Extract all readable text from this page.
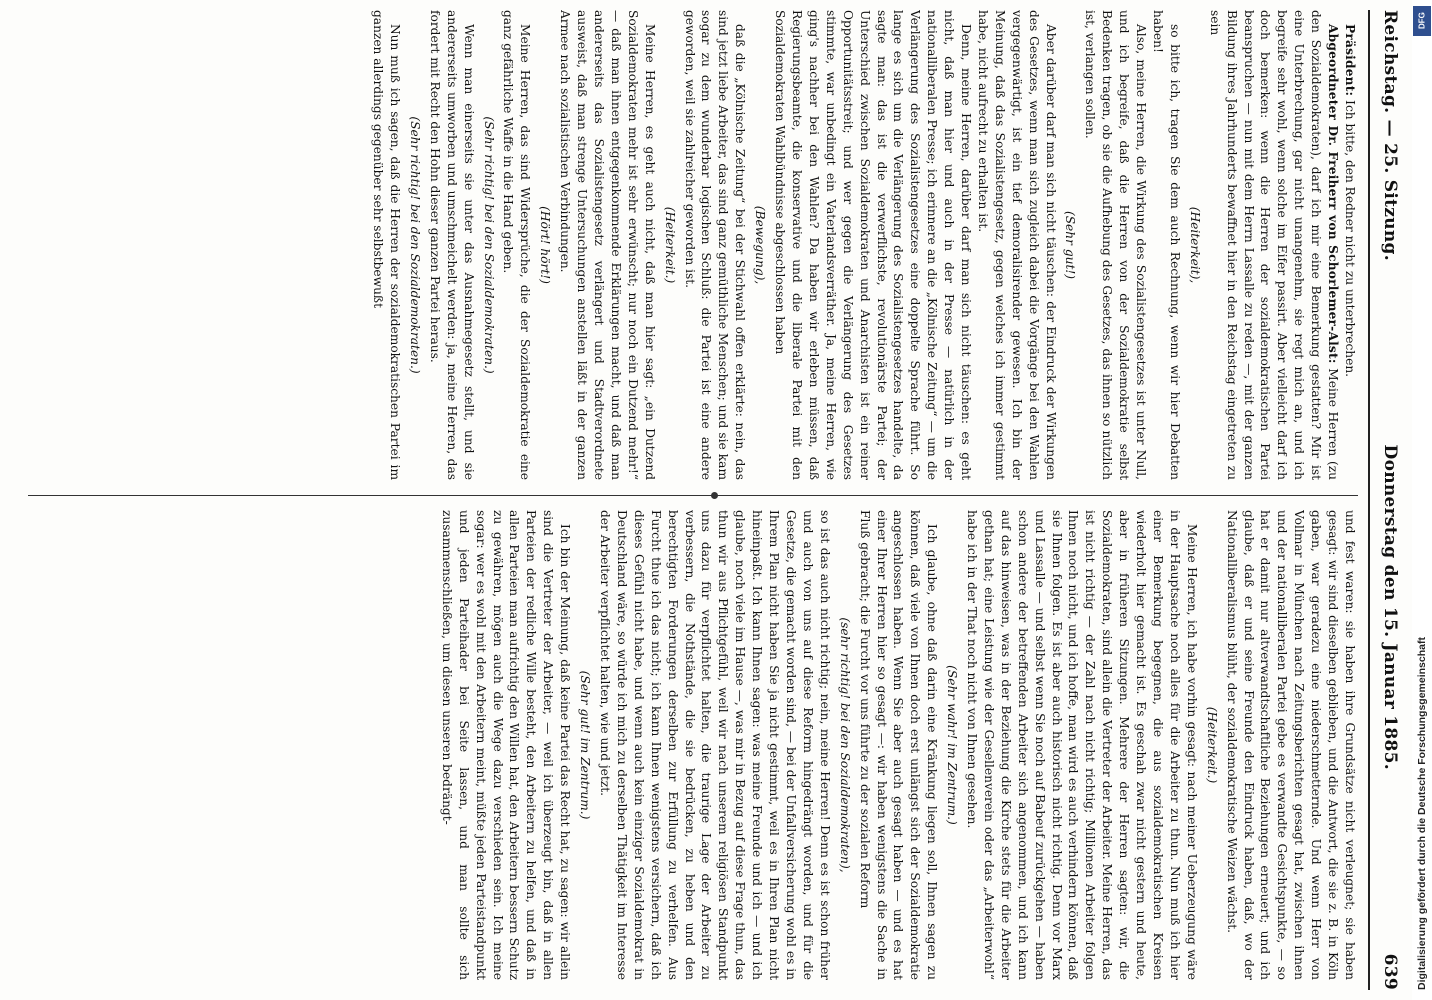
Reichstag. — 25. Sitzung.
Donnerstag den 15. Januar 1885.
639

Präsident: Ich bitte, den Redner nicht zu unterbrechen.

Abgeordneter Dr. Freiherr von Schorlemer-Alst: Meine Herren (zu den Sozialdemokraten), darf ich mir eine Bemerkung gestatten? Mir ist eine Unterbrechung, gar nicht unangenehm, sie regt mich an, und ich begreife sehr wohl, wenn solche im Eifer passirt. Aber vielleicht darf ich doch bemerken: wenn die Herren der sozialdemokratischen Partei beanspruchen — nun mit dem Herrn Lassalle zu reden —, mit der ganzen Bildung ihres Jahrhunderts bewaffnet hier in den Reichstag eingetreten zu sein

(Heiterkeit),

so bitte ich, tragen Sie dem auch Rechnung, wenn wir hier Debatten haben!

Also, meine Herren, die Wirkung des Sozialistengesetzes ist unter Null, und ich begreife, daß die Herren von der Sozialdemokratie selbst Bedenken tragen, ob sie die Aufhebung des Gesetzes, das ihnen so nützlich ist, verlangen sollen.

(Sehr gut!)

Aber darüber darf man sich nicht täuschen: der Eindruck der Wirkungen des Gesetzes, wenn man sich zugleich dabei die Vorgänge bei den Wahlen vergegenwärtigt, ist ein tief demoralisirender gewesen. Ich bin der Meinung, daß das Sozialistengesetz, gegen welches ich immer gestimmt habe, nicht aufrecht zu erhalten ist.

Denn, meine Herren, darüber darf man sich nicht täuschen: es geht nicht, daß man hier und auch in der Presse — natürlich in der nationalliberalen Presse; ich erinnere an die „Kölnische Zeitung“ — um die Verlängerung des Sozialistengesetzes eine doppelte Sprache führt. So lange es sich um die Verlängerung des Sozialistengesetzes handelte, da sagte man: das ist die verwerflichste, revolutionärste Partei; der Unterschied zwischen Sozialdemokraten und Anarchisten ist ein reiner Opportunitätsstreit; und wer gegen die Verlängerung des Gesetzes stimmte, war unbedingt ein Vaterlandsverräther. Ja, meine Herren, wie ging's nachher bei den Wahlen? Da haben wir erleben müssen, daß Regierungsbeamte, die konservative und die liberale Partei mit den Sozialdemokraten Wahlbündnisse abgeschlossen haben

(Bewegung),

daß die „Kölnische Zeitung“ bei der Stichwahl offen erklärte: nein, das sind jetzt liebe Arbeiter, das sind ganz gemüthliche Menschen; und sie kam sogar zu dem wunderbar logischen Schluß: die Partei ist eine andere geworden, weil sie zahlreicher geworden ist.

(Heiterkeit.)

Meine Herren, es geht auch nicht, daß man hier sagt: „ein Dutzend Sozialdemokraten mehr ist sehr erwünscht; nur noch ein Dutzend mehr!“ — daß man ihnen entgegenkommende Erklärungen macht, und daß man andererseits das Sozialistengesetz verlängert und Stadtverordnete ausweist, daß man strenge Untersuchungen anstellen läßt in der ganzen Armee nach sozialistischen Verbindungen.

(Hört! hört!)

Meine Herren, das sind Widersprüche, die der Sozialdemokratie eine ganz gefährliche Waffe in die Hand geben.

(Sehr richtig! bei den Sozialdemokraten.)

Wenn man einerseits sie unter das Ausnahmegesetz stellt, und sie andererseits umworben und umschmeichelt werden: ja, meine Herren, das fordert mit Recht den Hohn dieser ganzen Partei heraus.

(Sehr richtig! bei den Sozialdemokraten.)

Nun muß ich sagen, daß die Herren der sozialdemokratischen Partei im ganzen allerdings gegenüber sehr selbstbewußt

und fest waren: sie haben ihre Grundsätze nicht verleugnet; sie haben gesagt: wir sind dieselben geblieben, und die Antwort, die sie z. B. in Köln gaben, war geradezu eine niederschmetternde. Und wenn Herr von Vollmar in München nach Zeitungsberichten gesagt hat, zwischen ihnen und der nationalliberalen Partei gebe es verwandte Gesichtspunkte, — so hat er damit nur altverwandtschaftliche Beziehungen erneuert; und ich glaube, daß er und seine Freunde den Eindruck haben, daß, wo der Nationalliberalismus blüht, der sozialdemokratische Weizen wächst.

(Heiterkeit.)

Meine Herren, ich habe vorhin gesagt: nach meiner Ueberzeugung wäre in der Hauptsache noch alles für die Arbeiter zu thun. Nun muß ich hier einer Bemerkung begegnen, die aus sozialdemokratischen Kreisen wiederholt hier gemacht ist. Es geschah zwar nicht gestern und heute, aber in früheren Sitzungen. Mehrere der Herren sagten: wir, die Sozialdemokraten, sind allein die Vertreter der Arbeiter. Meine Herren, das ist nicht richtig — der Zahl nach nicht richtig; Millionen Arbeiter folgen Ihnen noch nicht, und ich hoffe, man wird es auch verhindern können, daß sie Ihnen folgen. Es ist aber auch historisch nicht richtig. Denn vor Marx und Lassalle — und selbst wenn Sie noch auf Babeuf zurückgehen — haben schon andere der betreffenden Arbeiter sich angenommen, und ich kann auf das hinweisen, was in der Beziehung die Kirche stets für die Arbeiter gethan hat; eine Leistung wie der Gesellenverein oder das „Arbeiterwohl“ habe ich in der That noch nicht von Ihnen gesehen.

(Sehr wahr! im Zentrum.)

Ich glaube, ohne daß darin eine Kränkung liegen soll, Ihnen sagen zu können, daß viele von Ihnen doch erst unlängst sich der Sozialdemokratie angeschlossen haben. Wenn Sie aber auch gesagt haben — und es hat einer Ihrer Herren hier so gesagt —: wir haben wenigstens die Sache in Fluß gebracht; die Furcht vor uns führte zu der sozialen Reform

(sehr richtig! bei den Sozialdemokraten),

so ist das auch nicht richtig; nein, meine Herren! Denn es ist schon früher und auch von uns auf diese Reform hingedrängt worden, und für die Gesetze, die gemacht worden sind, — bei der Unfallversicherung wohl es in Ihrem Plan nicht haben Sie ja nicht gestimmt, weil es in Ihren Plan nicht hineinpaßt. Ich kann Ihnen sagen: was meine Freunde und ich — und ich glaube, noch viele im Hause —, was mir in Bezug auf diese Frage thun, das thun wir aus Pflichtgefühl, weil wir nach unserem religiösen Standpunkt uns dazu für verpflichtet halten, die traurige Lage der Arbeiter zu verbessern, die Nothstände, die sie bedrücken, zu heben und den berechtigten Forderungen derselben zur Erfüllung zu verhelfen. Aus Furcht thue ich das nicht; ich kann Ihnen wenigstens versichern, daß ich dieses Gefühl nicht habe, und wenn auch kein einziger Sozialdemokrat in Deutschland wäre, so würde ich mich zu derselben Thätigkeit im Interesse der Arbeiter verpflichtet halten, wie und jetzt.

(Sehr gut! im Zentrum.)

Ich bin der Meinung, daß keine Partei das Recht hat, zu sagen: wir allein sind die Vertreter der Arbeiter, — weil ich überzeugt bin, daß in allen Parteien der redliche Wille besteht, den Arbeitern zu helfen, und daß in allen Parteien man aufrichtig den Willen hat, den Arbeitern bessern Schutz zu gewähren, mögen auch die Wege dazu verschieden sein. Ich meine sogar: wer es wohl mit den Arbeitern meint, müßte jeden Parteistandpunkt und jeden Parteihader bei Seite lassen, und man sollte sich zusammenschließen, um diesen unseren bedrängt-

DFG
Digitalisierung gefördert durch die Deutsche Forschungsgemeinschaft
